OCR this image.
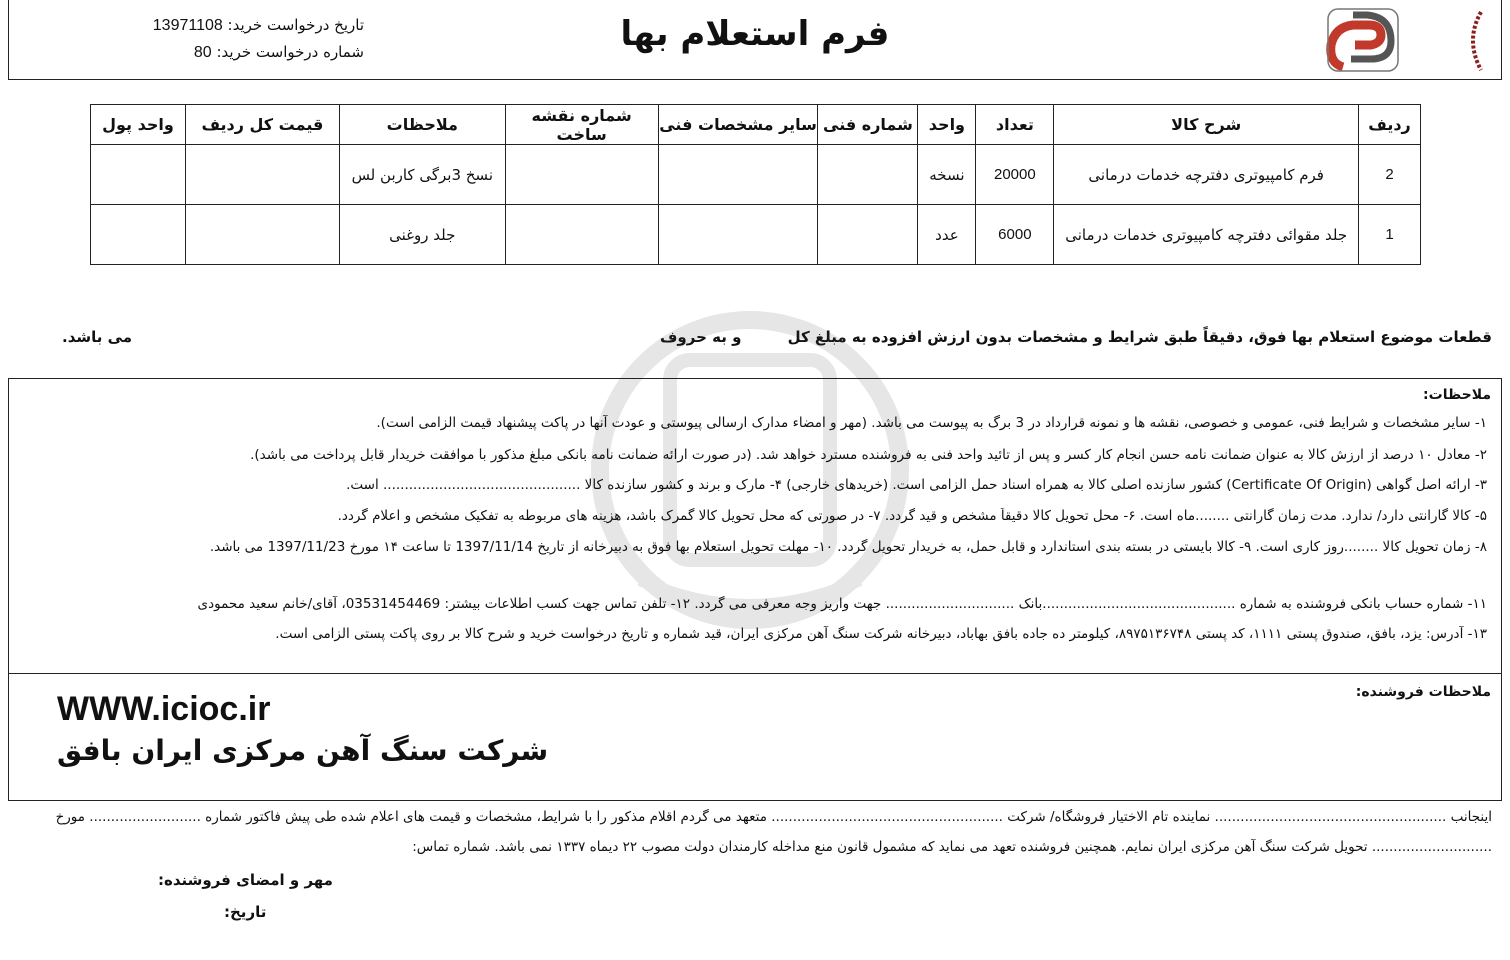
فرم استعلام بها
تاریخ درخواست خرید: 13971108
شماره درخواست خرید: 80
ردیف	شرح کالا	تعداد	واحد	شماره فنی	سایر مشخصات فنی	شماره نقشه ساخت	ملاحظات	قیمت کل ردیف	واحد پول
2	فرم کامپیوتری دفترچه خدمات درمانی	20000	نسخه				نسخ 3برگی کاربن لس		
1	جلد مقوائی دفترچه کامپیوتری خدمات درمانی	6000	عدد				جلد روغنی		
قطعات موضوع استعلام بها فوق، دقیقاً طبق شرایط و مشخصات بدون ارزش افزوده به مبلغ کل
و به حروف
می باشد.
ملاحظات:
۱- سایر مشخصات و شرایط فنی، عمومی و خصوصی، نقشه ها و نمونه قرارداد در 3 برگ به پیوست می باشد. (مهر و امضاء مدارک ارسالی پیوستی و عودت آنها در پاکت پیشنهاد قیمت الزامی است).
۲- معادل ۱۰ درصد از ارزش کالا به عنوان ضمانت نامه حسن انجام کار کسر و پس از تائید واحد فنی به فروشنده مسترد خواهد شد. (در صورت ارائه ضمانت نامه بانکی مبلغ مذکور با موافقت خریدار قابل پرداخت می باشد).
۳- ارائه اصل گواهی (Certificate Of Origin) کشور سازنده اصلی کالا به همراه اسناد حمل الزامی است. (خریدهای خارجی) ۴- مارک و برند و کشور سازنده کالا .............................................. است.
۵- کالا گارانتی دارد/ ندارد. مدت زمان گارانتی ........ماه است. ۶- محل تحویل کالا دقیقاً مشخص و قید گردد. ۷- در صورتی که محل تحویل کالا گمرک باشد، هزینه های مربوطه به تفکیک مشخص و اعلام گردد.
۸- زمان تحویل کالا ........روز کاری است. ۹- کالا بایستی در بسته بندی استاندارد و قابل حمل، به خریدار تحویل گردد. ۱۰- مهلت تحویل استعلام بها فوق به دبیرخانه از تاریخ 1397/11/14 تا ساعت ۱۴ مورخ 1397/11/23 می باشد.
۱۱- شماره حساب بانکی فروشنده به شماره .............................................بانک .............................. جهت واریز وجه معرفی می گردد. ۱۲- تلفن تماس جهت کسب اطلاعات بیشتر: 03531454469، آقای/خانم سعید محمودی
۱۳- آدرس: یزد، بافق، صندوق پستی ۱۱۱۱، کد پستی ۸۹۷۵۱۳۶۷۴۸، کیلومتر ده جاده بافق بهاباد، دبیرخانه شرکت سنگ آهن مرکزی ایران، قید شماره و تاریخ درخواست خرید و شرح کالا بر روی پاکت پستی الزامی است.
ملاحظات فروشنده:
WWW.icioc.ir
شرکت سنگ آهن مرکزی ایران بافق
اینجانب ...................................................... نماینده تام الاختیار فروشگاه/ شرکت ...................................................... متعهد می گردم اقلام مذکور را با شرایط، مشخصات و قیمت های اعلام شده طی پیش فاکتور شماره .......................... مورخ
............................ تحویل شرکت سنگ آهن مرکزی ایران نمایم. همچنین فروشنده تعهد می نماید که مشمول قانون منع مداخله کارمندان دولت مصوب ۲۲ دیماه ۱۳۳۷ نمی باشد. شماره تماس:
مهر و امضای فروشنده:
تاریخ:
